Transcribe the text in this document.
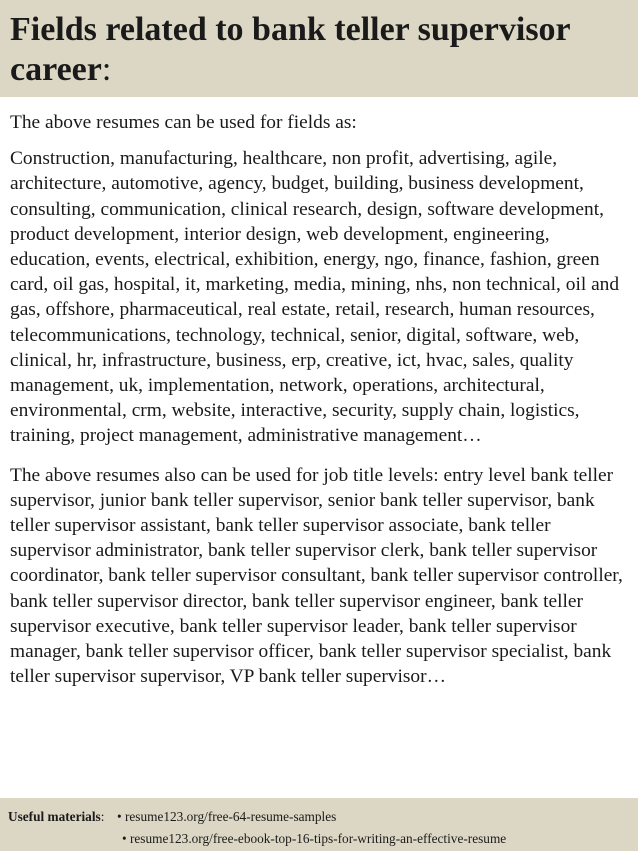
Fields related to bank teller supervisor career:

The above resumes can be used for fields as:

Construction, manufacturing, healthcare, non profit, advertising, agile, architecture, automotive, agency, budget, building, business development, consulting, communication, clinical research, design, software development, product development, interior design, web development, engineering, education, events, electrical, exhibition, energy, ngo, finance, fashion, green card, oil gas, hospital, it, marketing, media, mining, nhs, non technical, oil and gas, offshore, pharmaceutical, real estate, retail, research, human resources, telecommunications, technology, technical, senior, digital, software, web, clinical, hr, infrastructure, business, erp, creative, ict, hvac, sales, quality management, uk, implementation, network, operations, architectural, environmental, crm, website, interactive, security, supply chain, logistics, training, project management, administrative management…

The above resumes also can be used for job title levels: entry level bank teller supervisor, junior bank teller supervisor, senior bank teller supervisor, bank teller supervisor assistant, bank teller supervisor associate, bank teller supervisor administrator, bank teller supervisor clerk, bank teller supervisor coordinator, bank teller supervisor consultant, bank teller supervisor controller, bank teller supervisor director, bank teller supervisor engineer, bank teller supervisor executive, bank teller supervisor leader, bank teller supervisor manager, bank teller supervisor officer, bank teller supervisor specialist, bank teller supervisor supervisor, VP bank teller supervisor…

Useful materials: • resume123.org/free-64-resume-samples
• resume123.org/free-ebook-top-16-tips-for-writing-an-effective-resume
